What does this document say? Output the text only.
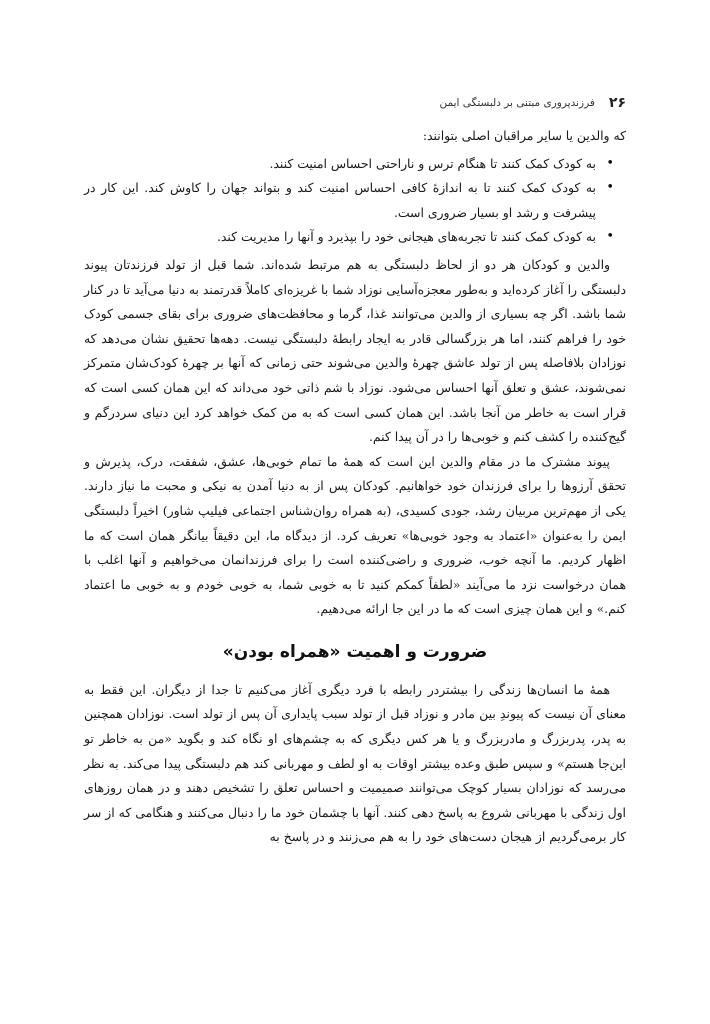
۲۶
فرزندپروری مبتنی بر دلبستگی ایمن

که والدین یا سایر مراقبان اصلی بتوانند:

• به کودک کمک کنند تا هنگام ترس و ناراحتی احساس امنیت کنند.
• به کودک کمک کنند تا به اندازهٔ کافی احساس امنیت کند و بتواند جهان را کاوش کند. این کار در پیشرفت و رشد او بسیار ضروری است.
• به کودک کمک کنند تا تجربه‌های هیجانی خود را بپذیرد و آنها را مدیریت کند.

والدین و کودکان هر دو از لحاظ دلبستگی به هم مرتبط شده‌اند. شما قبل از تولد فرزندتان پیوند دلبستگی را آغاز کرده‌اید و به‌طور معجزه‌آسایی نوزاد شما با غریزه‌ای کاملاً قدرتمند به دنیا می‌آید تا در کنار شما باشد. اگر چه بسیاری از والدین می‌توانند غذا، گرما و محافظت‌های ضروری برای بقای جسمی کودک خود را فراهم کنند، اما هر بزرگسالی قادر به ایجاد رابطهٔ دلبستگی نیست. دهه‌ها تحقیق نشان می‌دهد که نوزادان بلافاصله پس از تولد عاشق چهرهٔ والدین می‌شوند حتی زمانی که آنها بر چهرهٔ کودک‌شان متمرکز نمی‌شوند، عشق و تعلق آنها احساس می‌شود. نوزاد با شم ذاتی خود می‌داند که این همان کسی است که قرار است به خاطر من آنجا باشد. این همان کسی است که به من کمک خواهد کرد این دنیای سردرگم و گیج‌کننده را کشف کنم و خوبی‌ها را در آن پیدا کنم.

پیوند مشترک ما در مقام والدین این است که همهٔ ما تمام خوبی‌ها، عشق، شفقت، درک، پذیرش و تحقق آرزوها را برای فرزندان خود خواهانیم. کودکان پس از به دنیا آمدن به نیکی و محبت ما نیاز دارند. یکی از مهم‌ترین مربیان رشد، جودی کسیدی، (به همراه روان‌شناس اجتماعی فیلیپ شاور) اخیراً دلبستگی ایمن را به‌عنوان «اعتماد به وجود خوبی‌ها» تعریف کرد. از دیدگاه ما، این دقیقاً بیانگر همان است که ما اظهار کردیم. ما آنچه خوب، ضروری و راضی‌کننده است را برای فرزندانمان می‌خواهیم و آنها اغلب با همان درخواست نزد ما می‌آیند «لطفاً کمکم کنید تا به خوبی شما، به خوبی خودم و به خوبی ما اعتماد کنم.» و این همان چیزی است که ما در این جا ارائه می‌دهیم.

ضرورت و اهمیت «همراه بودن»

همهٔ ما انسان‌ها زندگی را بیشتردر رابطه با فرد دیگری آغاز می‌کنیم تا جدا از دیگران. این فقط به معنای آن نیست که پیوندِ بین مادر و نوزاد قبل از تولد سبب پایداری آن پس از تولد است. نوزادان همچنین به پدر، پدربزرگ و مادربزرگ و یا هر کس دیگری که به چشم‌های او نگاه کند و بگوید «من به خاطر تو این‌جا هستم» و سپس طبق وعده بیشتر اوقات به او لطف و مهربانی کند هم دلبستگی پیدا می‌کند. به نظر می‌رسد که نوزادان بسیار کوچک می‌توانند صمیمیت و احساس تعلق را تشخیص دهند و در همان روزهای اول زندگی با مهربانی شروع به پاسخ دهی کنند. آنها با چشمان خود ما را دنبال می‌کنند و هنگامی که از سر کار برمی‌گردیم از هیجان دست‌های خود را به هم می‌زنند و در پاسخ به
